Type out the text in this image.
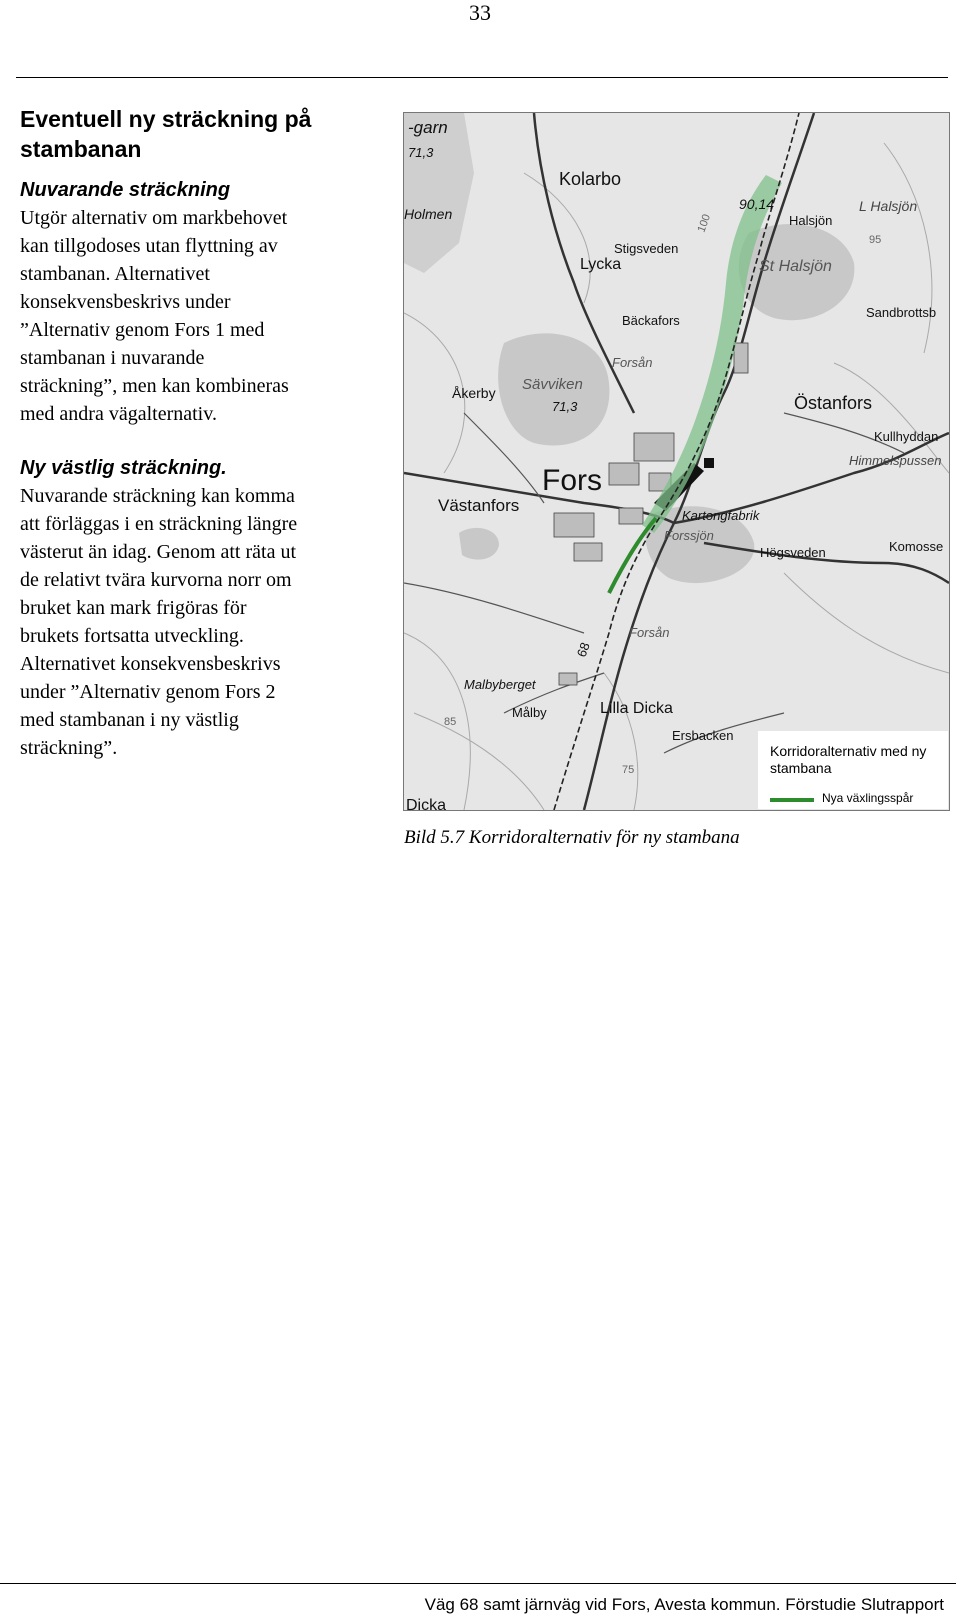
33
Eventuell ny sträckning på stambanan
Nuvarande sträckning

Utgör alternativ om markbehovet
kan tillgodoses utan flyttning av
stambanan. Alternativet
konsekvensbeskrivs under
”Alternativ genom Fors 1 med
stambanan i nuvarande
sträckning”, men kan kombineras
med andra vägalternativ.

Ny västlig sträckning.

Nuvarande sträckning kan komma
att förläggas i en sträckning längre
västerut än idag. Genom att räta ut
de relativt tvära kurvorna norr om
bruket kan mark frigöras för
brukets fortsatta utveckling.
Alternativet konsekvensbeskrivs
under ”Alternativ genom Fors 2
med stambanan i ny västlig
sträckning”.

-garn
71,3
Kolarbo
Holmen
90,14
Halsjön
L Halsjön
Stigsveden
Lycka	St Halsjön
Bäckafors
Sandbrottsb
Forsån
Åkerby Sävviken
71,3	Östanfors
Kullhyddan
Himmelspussen
Fors
Västanfors
Kartongfabrik
Forssjön
Högsveden	Komosse
68
Forsån
Malbyberget
Målby	Lilla Dicka
Ersbacken
Dicka
100
95
85
75
Korridoralternativ med ny stambana
Nya växlingsspår
Bild 5.7 Korridoralternativ för ny stambana
Väg 68 samt järnväg vid Fors, Avesta kommun. Förstudie Slutrapport
